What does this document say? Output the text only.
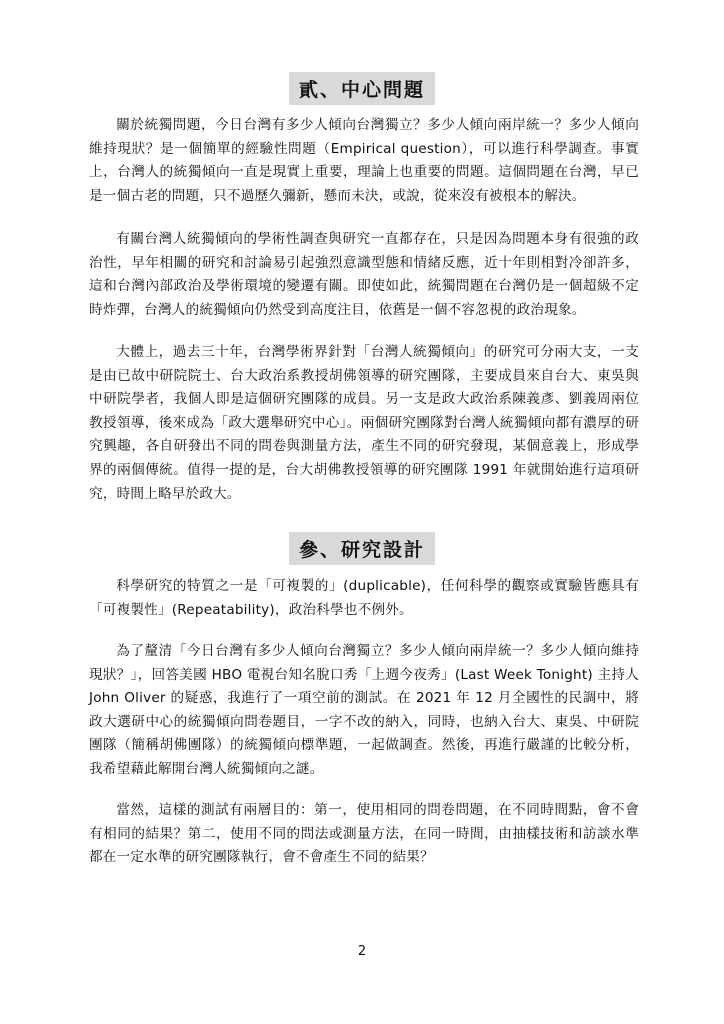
貳、中心問題

關於統獨問題，今日台灣有多少人傾向台灣獨立？多少人傾向兩岸統一？多少人傾向維持現狀？是一個簡單的經驗性問題（Empirical question），可以進行科學調查。事實上，台灣人的統獨傾向一直是現實上重要，理論上也重要的問題。這個問題在台灣，早已是一個古老的問題，只不過歷久彌新，懸而未決，或說，從來沒有被根本的解決。

有關台灣人統獨傾向的學術性調查與研究一直都存在，只是因為問題本身有很強的政治性，早年相關的研究和討論易引起強烈意識型態和情緒反應，近十年則相對冷卻許多，這和台灣內部政治及學術環境的變遷有關。即使如此，統獨問題在台灣仍是一個超級不定時炸彈，台灣人的統獨傾向仍然受到高度注目，依舊是一個不容忽視的政治現象。

大體上，過去三十年，台灣學術界針對「台灣人統獨傾向」的研究可分兩大支，一支是由已故中研院院士、台大政治系教授胡佛領導的研究團隊，主要成員來自台大、東吳與中研院學者，我個人即是這個研究團隊的成員。另一支是政大政治系陳義彥、劉義周兩位教授領導，後來成為「政大選舉研究中心」。兩個研究團隊對台灣人統獨傾向都有濃厚的研究興趣，各自研發出不同的問卷與測量方法，產生不同的研究發現，某個意義上，形成學界的兩個傳統。值得一提的是，台大胡佛教授領導的研究團隊 1991 年就開始進行這項研究，時間上略早於政大。

參、研究設計

科學研究的特質之一是「可複製的」(duplicable)，任何科學的觀察或實驗皆應具有「可複製性」(Repeatability)，政治科學也不例外。

為了釐清「今日台灣有多少人傾向台灣獨立？多少人傾向兩岸統一？多少人傾向維持現狀？」，回答美國 HBO 電視台知名脫口秀「上週今夜秀」(Last Week Tonight) 主持人 John Oliver 的疑惑，我進行了一項空前的測試。在 2021 年 12 月全國性的民調中，將政大選研中心的統獨傾向問卷題目，一字不改的納入，同時，也納入台大、東吳、中研院團隊（簡稱胡佛團隊）的統獨傾向標準題，一起做調查。然後，再進行嚴謹的比較分析，我希望藉此解開台灣人統獨傾向之謎。

當然，這樣的測試有兩層目的：第一，使用相同的問卷問題，在不同時間點，會不會有相同的結果？第二，使用不同的問法或測量方法，在同一時間，由抽樣技術和訪談水準都在一定水準的研究團隊執行，會不會產生不同的結果？

2
